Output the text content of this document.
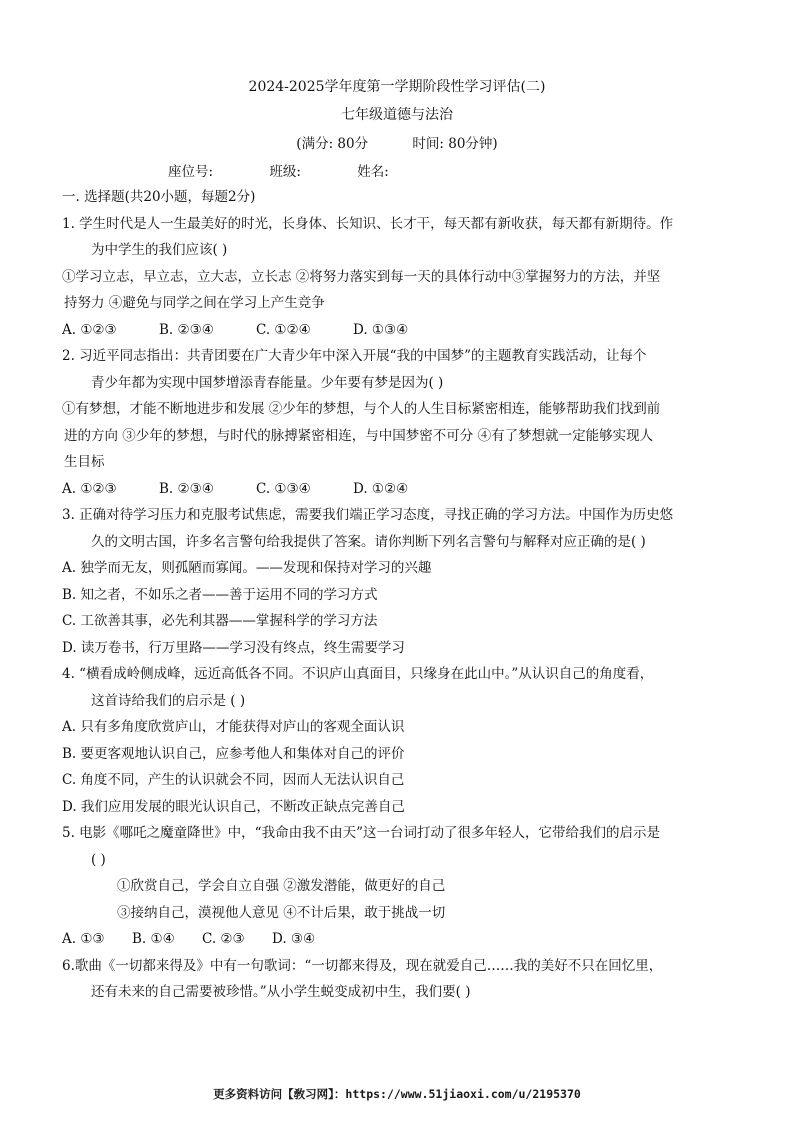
2024-2025学年度第一学期阶段性学习评估(二)
七年级道德与法治
(满分: 80分	时间: 80分钟)
座位号:	班级:	姓名:
一. 选择题(共20小题，每题2分)
1. 学生时代是人一生最美好的时光，长身体、长知识、长才干，每天都有新收获，每天都有新期待。作
为中学生的我们应该( )
①学习立志，早立志，立大志，立长志 ②将努力落实到每一天的具体行动中③掌握努力的方法，并坚
持努力 ④避免与同学之间在学习上产生竞争
A. ①②③	B. ②③④	C. ①②④	D. ①③④
2. 习近平同志指出：共青团要在广大青少年中深入开展“我的中国梦”的主题教育实践活动，让每个
青少年都为实现中国梦增添青春能量。少年要有梦是因为( )
①有梦想，才能不断地进步和发展 ②少年的梦想，与个人的人生目标紧密相连，能够帮助我们找到前
进的方向 ③少年的梦想，与时代的脉搏紧密相连，与中国梦密不可分 ④有了梦想就一定能够实现人
生目标
A. ①②③	B. ②③④	C. ①③④	D. ①②④
3. 正确对待学习压力和克服考试焦虑，需要我们端正学习态度，寻找正确的学习方法。中国作为历史悠
久的文明古国，许多名言警句给我提供了答案。请你判断下列名言警句与解释对应正确的是( )
A. 独学而无友，则孤陋而寡闻。——发现和保持对学习的兴趣
B. 知之者，不如乐之者——善于运用不同的学习方式
C. 工欲善其事，必先利其器——掌握科学的学习方法
D. 读万卷书，行万里路——学习没有终点，终生需要学习
4. “横看成岭侧成峰，远近高低各不同。不识庐山真面目，只缘身在此山中。”从认识自己的角度看，
这首诗给我们的启示是 ( )
A. 只有多角度欣赏庐山，才能获得对庐山的客观全面认识
B. 要更客观地认识自己，应参考他人和集体对自己的评价
C. 角度不同，产生的认识就会不同，因而人无法认识自己
D. 我们应用发展的眼光认识自己，不断改正缺点完善自己
5. 电影《哪吒之魔童降世》中，“我命由我不由天”这一台词打动了很多年轻人，它带给我们的启示是
( )
①欣赏自己，学会自立自强 ②激发潜能，做更好的自己
③接纳自己，漠视他人意见 ④不计后果，敢于挑战一切
A. ①③ B. ①④ C. ②③ D. ③④
6.歌曲《一切都来得及》中有一句歌词：“一切都来得及，现在就爱自己……我的美好不只在回忆里，
还有未来的自己需要被珍惜。”从小学生蜕变成初中生，我们要( )
更多资料访问【敎习网】：https://www.51jiaoxi.com/u/2195370
